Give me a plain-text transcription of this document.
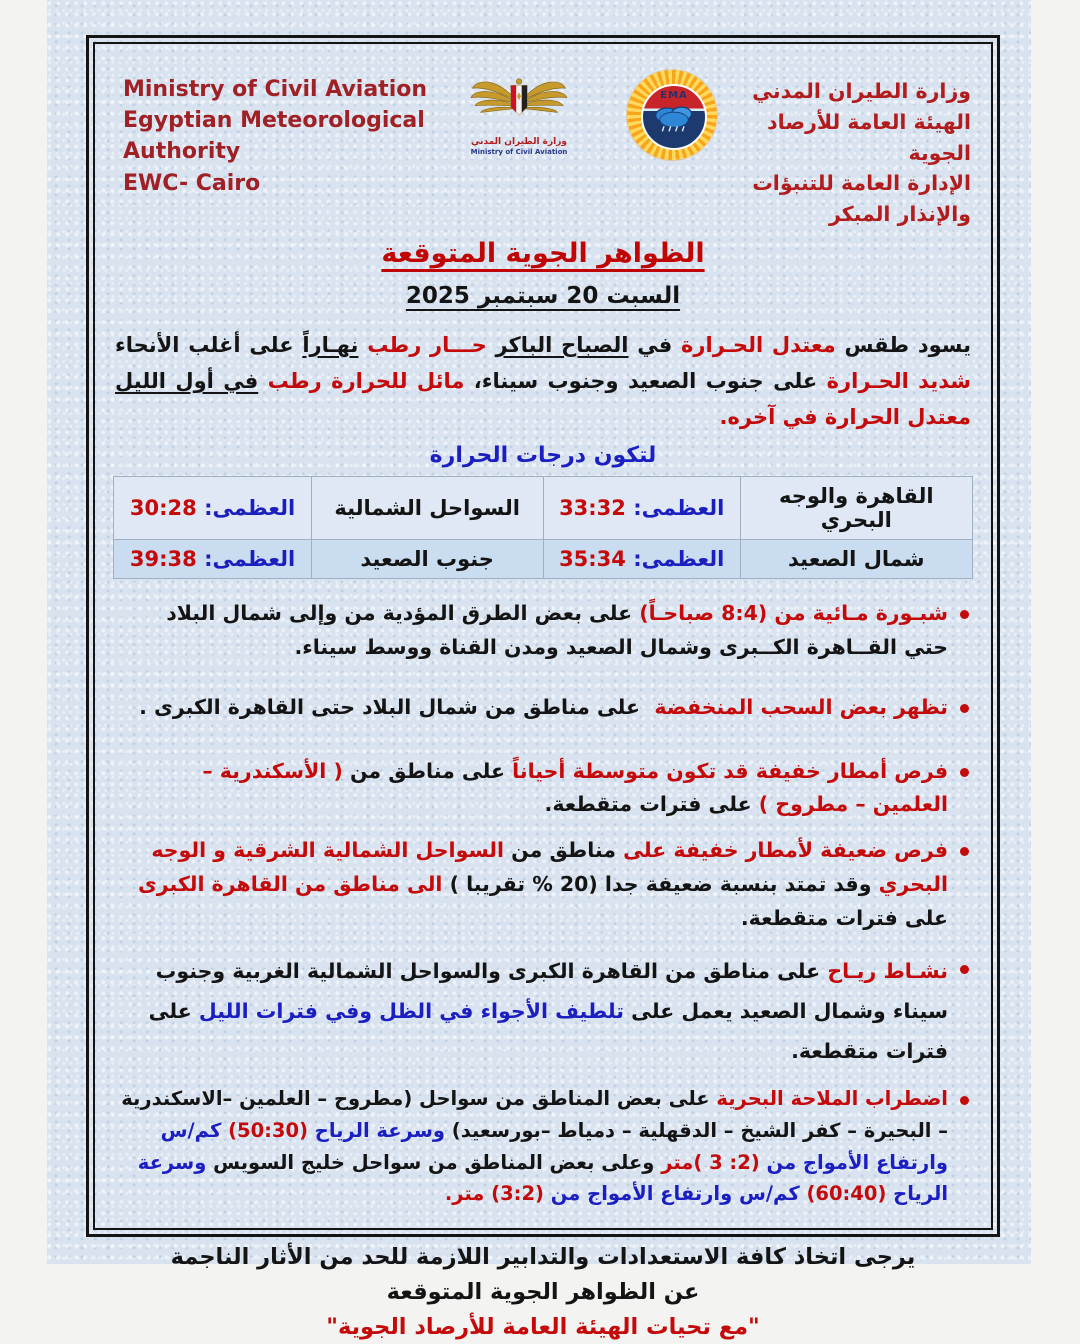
Ministry of Civil Aviation
Egyptian Meteorological Authority
EWC- Cairo
وزارة الطيران المدني
Ministry of Civil Aviation
EMA	وزارة الطيران المدني
الهيئة العامة للأرصاد الجوية
الإدارة العامة للتنبؤات والإنذار المبكر
الظواهر الجوية المتوقعة
السبت 20 سبتمبر 2025
يسود طقس معتدل الحـرارة في الصباح الباكر حـــار رطب نهـاراً على أغلب الأنحاء شديد الحـرارة على جنوب الصعيد وجنوب سيناء، مائل للحرارة رطب في أول الليل معتدل الحرارة في آخره.
لتكون درجات الحرارة
القاهرة والوجه البحري	العظمى: 33:32	السواحل الشمالية	العظمى: 30:28
شمال الصعيد	العظمى: 35:34	جنوب الصعيد	العظمى: 39:38
شبـورة مـائية من (8:4 صباحـاً) على بعض الطرق المؤدية من وإلى شمال البلاد حتي القــاهرة الكــبرى وشمال الصعيد ومدن القناة ووسط سيناء.
تظهر بعض السحب المنخفضة  على مناطق من شمال البلاد حتى القاهرة الكبرى .
فرص أمطار خفيفة قد تكون متوسطة أحياناً على مناطق من ( الأسكندرية – العلمين – مطروح ) على فترات متقطعة.
فرص ضعيفة لأمطار خفيفة على مناطق من السواحل الشمالية الشرقية و الوجه البحري وقد تمتد بنسبة ضعيفة جدا (20 % تقريبا ) الى مناطق من القاهرة الكبرى على فترات متقطعة.
نشـاط ريـاح على مناطق من القاهرة الكبرى والسواحل الشمالية الغربية وجنوب سيناء وشمال الصعيد يعمل على تلطيف الأجواء في الظل وفي فترات الليل على فترات متقطعة.
اضطراب الملاحة البحرية على بعض المناطق من سواحل (مطروح – العلمين –الاسكندرية – البحيرة – كفر الشيخ – الدقهلية – دمياط –بورسعيد) وسرعة الرياح (50:30) كم/س وارتفاع الأمواج من (2: 3 )متر وعلى بعض المناطق من سواحل خليج السويس وسرعة الرياح (60:40) كم/س وارتفاع الأمواج من (3:2) متر.
يرجى اتخاذ كافة الاستعدادات والتدابير اللازمة للحد من الأثار الناجمة
عن الظواهر الجوية المتوقعة
"مع تحيات الهيئة العامة للأرصاد الجوية"
